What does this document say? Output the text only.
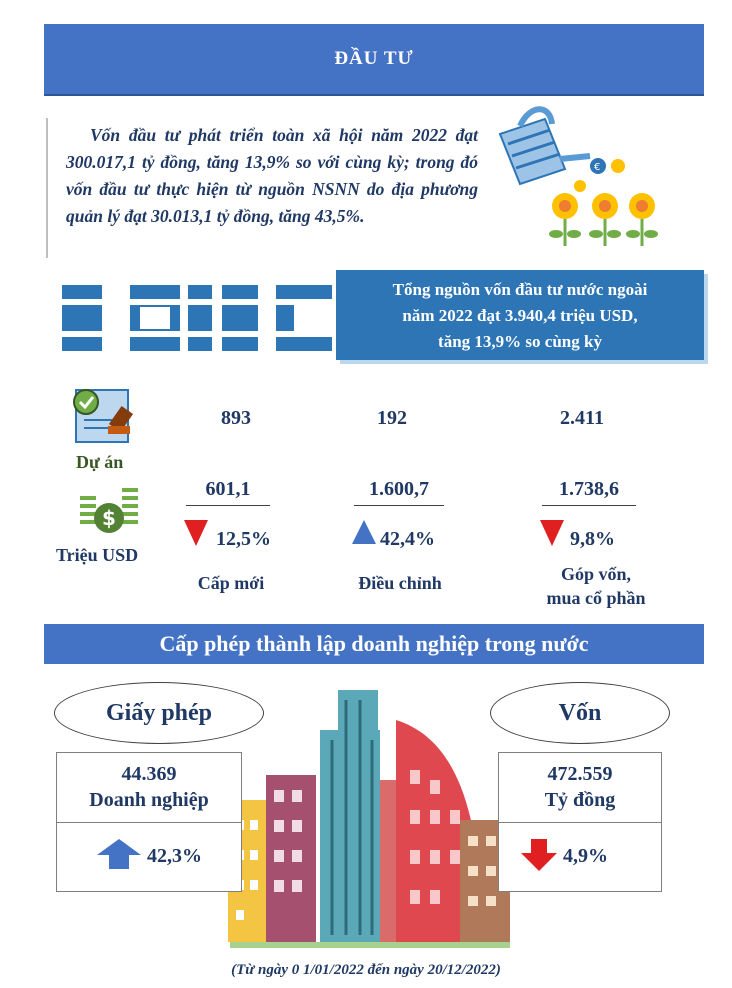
ĐẦU TƯ
Vốn đầu tư phát triển toàn xã hội năm 2022 đạt 300.017,1 tỷ đồng, tăng 13,9% so với cùng kỳ; trong đó vốn đầu tư thực hiện từ nguồn NSNN do địa phương quản lý đạt 30.013,1 tỷ đồng, tăng 43,5%.
€
Tổng nguồn vốn đầu tư nước ngoài
năm 2022 đạt 3.940,4 triệu USD,
tăng 13,9% so cùng kỳ
Dự án
$
Triệu USD
893
601,1
12,5%
Cấp mới
192
1.600,7
42,4%
Điều chỉnh
2.411
1.738,6
9,8%
Góp vốn,
mua cổ phần
Cấp phép thành lập doanh nghiệp trong nước
Giấy phép
44.369
Doanh nghiệp
42,3%
Vốn
472.559
Tỷ đồng
4,9%
(Từ ngày 0 1/01/2022 đến ngày 20/12/2022)
